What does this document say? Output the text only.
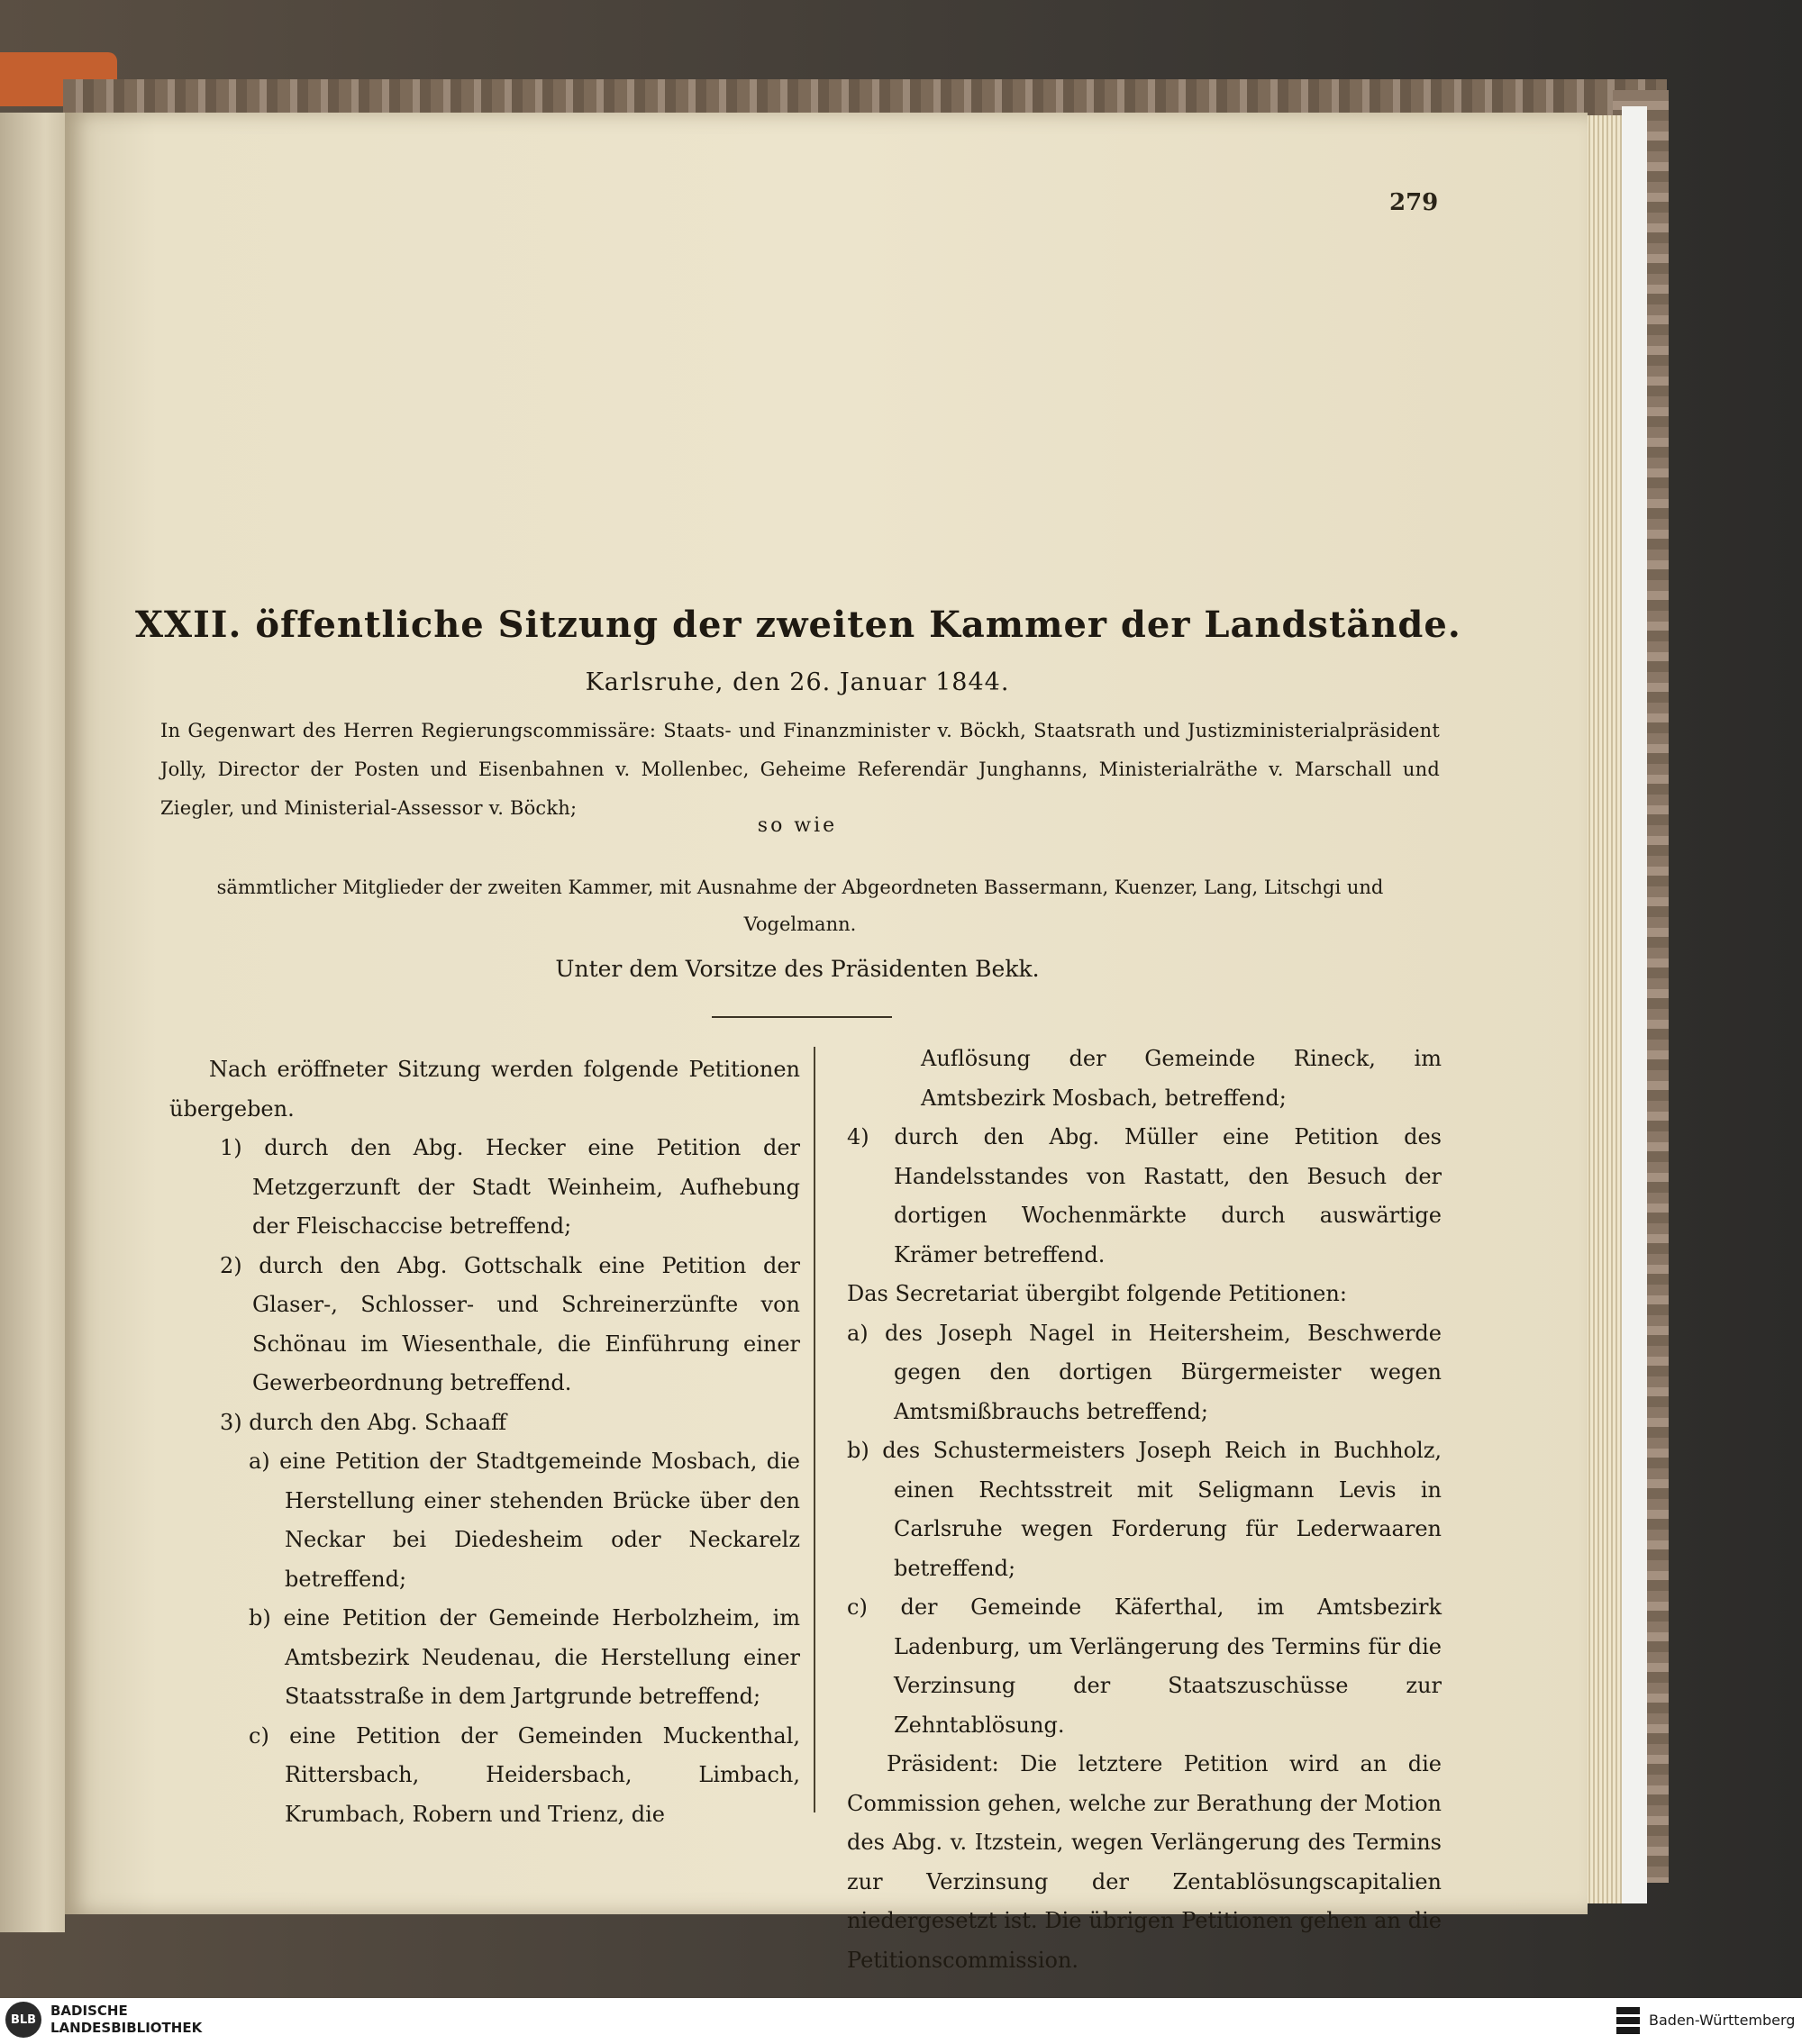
279
XXII. öffentliche Sitzung der zweiten Kammer der Landstände.
Karlsruhe, den 26. Januar 1844.
In Gegenwart des Herren Regierungscommissäre: Staats- und Finanzminister v. Böckh, Staatsrath und Justizministerialpräsident Jolly, Director der Posten und Eisenbahnen v. Mollenbec, Geheime Referendär Junghanns, Ministerialräthe v. Marschall und Ziegler, und Ministerial-Assessor v. Böckh;
so wie
sämmtlicher Mitglieder der zweiten Kammer, mit Ausnahme der Abgeordneten Bassermann, Kuenzer, Lang, Litschgi und Vogelmann.
Unter dem Vorsitze des Präsidenten Bekk.

Nach eröffneter Sitzung werden folgende Petitionen übergeben.

1) durch den Abg. Hecker eine Petition der Metzgerzunft der Stadt Weinheim, Aufhebung der Fleischaccise betreffend;

2) durch den Abg. Gottschalk eine Petition der Glaser-, Schlosser- und Schreinerzünfte von Schönau im Wiesenthale, die Einführung einer Gewerbeordnung betreffend.

3) durch den Abg. Schaaff

a) eine Petition der Stadtgemeinde Mosbach, die Herstellung einer stehenden Brücke über den Neckar bei Diedesheim oder Neckarelz betreffend;

b) eine Petition der Gemeinde Herbolzheim, im Amtsbezirk Neudenau, die Herstellung einer Staatsstraße in dem Jartgrunde betreffend;

c) eine Petition der Gemeinden Muckenthal, Rittersbach, Heidersbach, Limbach, Krumbach, Robern und Trienz, die

Auflösung der Gemeinde Rineck, im Amtsbezirk Mosbach, betreffend;

4) durch den Abg. Müller eine Petition des Handelsstandes von Rastatt, den Besuch der dortigen Wochenmärkte durch auswärtige Krämer betreffend.

Das Secretariat übergibt folgende Petitionen:

a) des Joseph Nagel in Heitersheim, Beschwerde gegen den dortigen Bürgermeister wegen Amtsmißbrauchs betreffend;

b) des Schustermeisters Joseph Reich in Buchholz, einen Rechtsstreit mit Seligmann Levis in Carlsruhe wegen Forderung für Lederwaaren betreffend;

c) der Gemeinde Käferthal, im Amtsbezirk Ladenburg, um Verlängerung des Termins für die Verzinsung der Staatszuschüsse zur Zehntablösung.

Präsident: Die letztere Petition wird an die Commission gehen, welche zur Berathung der Motion des Abg. v. Itzstein, wegen Verlängerung des Termins zur Verzinsung der Zentablösungscapitalien niedergesetzt ist. Die übrigen Petitionen gehen an die Petitionscommission.

BLB
BADISCHE
LANDESBIBLIOTHEK	Baden-Württemberg
